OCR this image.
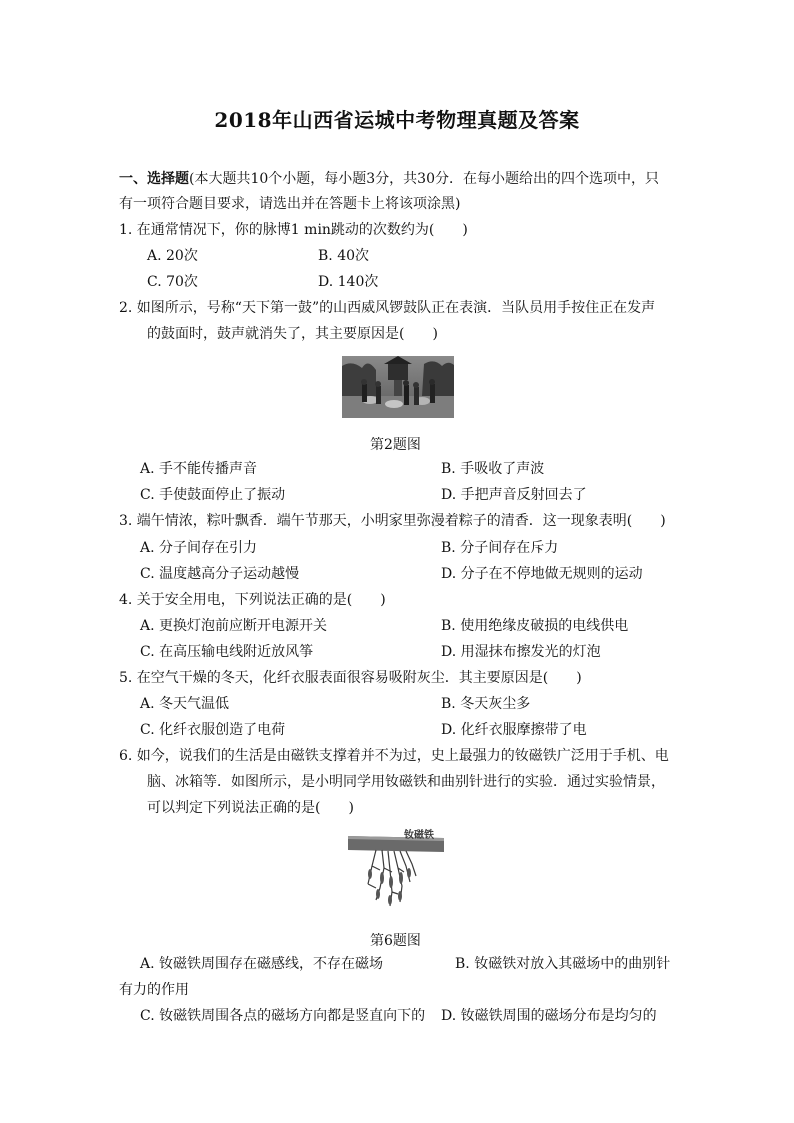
2018年山西省运城中考物理真题及答案
一、选择题(本大题共10个小题，每小题3分，共30分．在每小题给出的四个选项中，只
有一项符合题目要求，请选出并在答题卡上将该项涂黑)
1. 在通常情况下，你的脉博1 min跳动的次数约为(　　)
A. 20次	B. 40次
C. 70次	D. 140次
2. 如图所示，号称“天下第一鼓”的山西威风锣鼓队正在表演．当队员用手按住正在发声
的鼓面时，鼓声就消失了，其主要原因是(　　)
第2题图
A. 手不能传播声音	B. 手吸收了声波
C. 手使鼓面停止了振动	D. 手把声音反射回去了
3. 端午情浓，粽叶飘香．端午节那天，小明家里弥漫着粽子的清香．这一现象表明(　　)
A. 分子间存在引力	B. 分子间存在斥力
C. 温度越高分子运动越慢	D. 分子在不停地做无规则的运动
4. 关于安全用电，下列说法正确的是(　　)
A. 更换灯泡前应断开电源开关	B. 使用绝缘皮破损的电线供电
C. 在高压输电线附近放风筝	D. 用湿抹布擦发光的灯泡
5. 在空气干燥的冬天，化纤衣服表面很容易吸附灰尘．其主要原因是(　　)
A. 冬天气温低	B. 冬天灰尘多
C. 化纤衣服创造了电荷	D. 化纤衣服摩擦带了电
6. 如今，说我们的生活是由磁铁支撑着并不为过，史上最强力的钕磁铁广泛用于手机、电
脑、冰箱等．如图所示，是小明同学用钕磁铁和曲别针进行的实验．通过实验情景，
可以判定下列说法正确的是(　　)
钕磁铁
第6题图
A. 钕磁铁周围存在磁感线，不存在磁场	B. 钕磁铁对放入其磁场中的曲别针
有力的作用
C. 钕磁铁周围各点的磁场方向都是竖直向下的 D. 钕磁铁周围的磁场分布是均匀的
